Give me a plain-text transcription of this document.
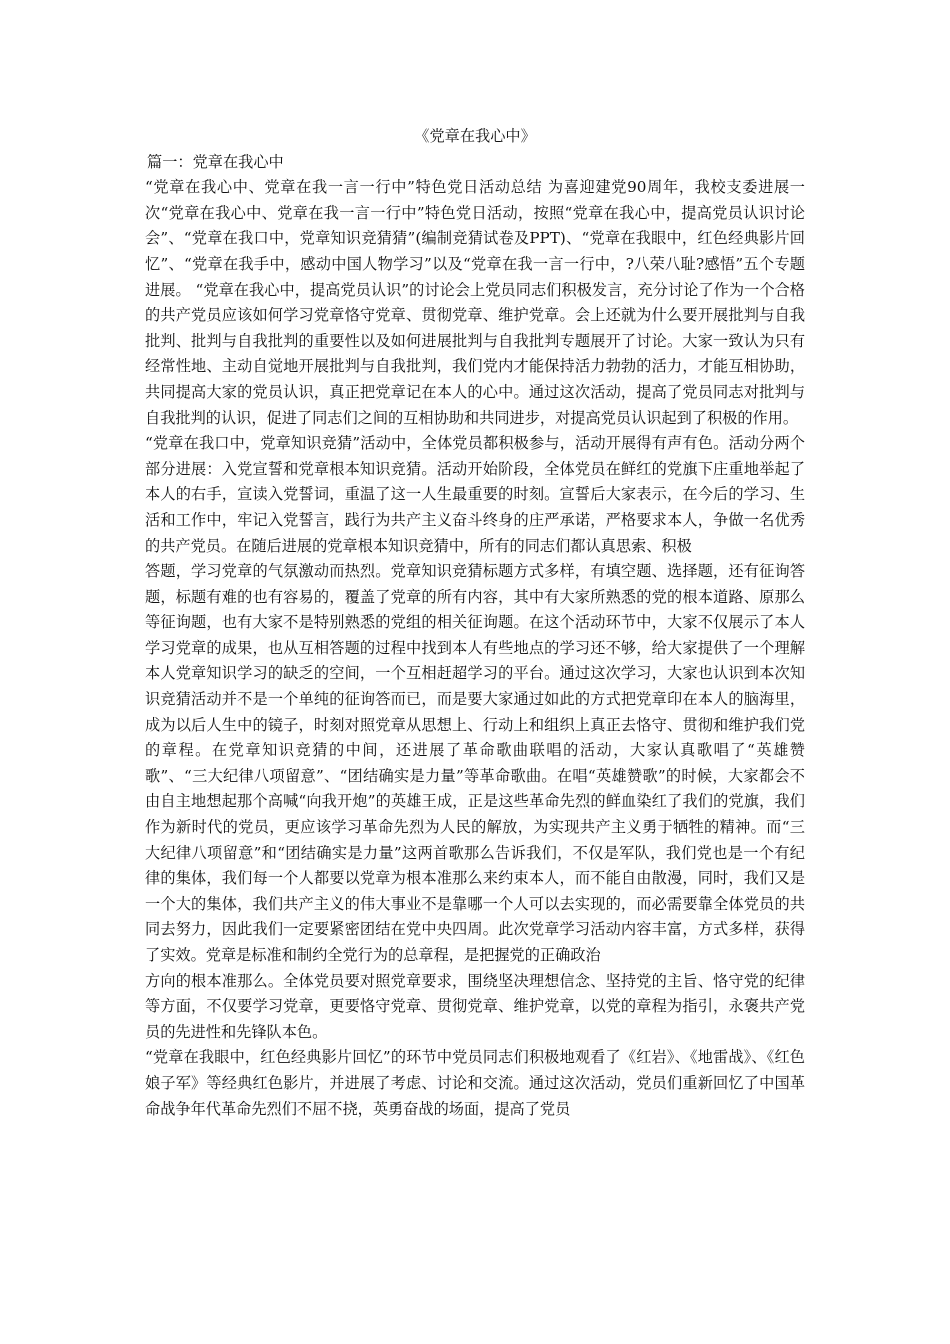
《党章在我心中》

篇一：党章在我心中

“党章在我心中、党章在我一言一行中”特色党日活动总结 为喜迎建党90周年，我校支委进展一次“党章在我心中、党章在我一言一行中”特色党日活动，按照“党章在我心中，提高党员认识讨论会”、“党章在我口中，党章知识竞猜猜”(编制竞猜试卷及PPT)、“党章在我眼中，红色经典影片回忆”、“党章在我手中，感动中国人物学习”以及“党章在我一言一行中，?八荣八耻?感悟”五个专题进展。 “党章在我心中，提高党员认识”的讨论会上党员同志们积极发言，充分讨论了作为一个合格的共产党员应该如何学习党章恪守党章、贯彻党章、维护党章。会上还就为什么要开展批判与自我批判、批判与自我批判的重要性以及如何进展批判与自我批判专题展开了讨论。大家一致认为只有经常性地、主动自觉地开展批判与自我批判，我们党内才能保持活力勃勃的活力，才能互相协助，共同提高大家的党员认识，真正把党章记在本人的心中。通过这次活动，提高了党员同志对批判与自我批判的认识，促进了同志们之间的互相协助和共同进步，对提高党员认识起到了积极的作用。

“党章在我口中，党章知识竞猜”活动中，全体党员都积极参与，活动开展得有声有色。活动分两个部分进展：入党宣誓和党章根本知识竞猜。活动开始阶段，全体党员在鲜红的党旗下庄重地举起了本人的右手，宣读入党誓词，重温了这一人生最重要的时刻。宣誓后大家表示，在今后的学习、生活和工作中，牢记入党誓言，践行为共产主义奋斗终身的庄严承诺，严格要求本人，争做一名优秀的共产党员。在随后进展的党章根本知识竞猜中，所有的同志们都认真思索、积极

答题，学习党章的气氛激动而热烈。党章知识竞猜标题方式多样，有填空题、选择题，还有征询答题，标题有难的也有容易的，覆盖了党章的所有内容，其中有大家所熟悉的党的根本道路、原那么等征询题，也有大家不是特别熟悉的党组的相关征询题。在这个活动环节中，大家不仅展示了本人学习党章的成果，也从互相答题的过程中找到本人有些地点的学习还不够，给大家提供了一个理解本人党章知识学习的缺乏的空间，一个互相赶超学习的平台。通过这次学习，大家也认识到本次知识竞猜活动并不是一个单纯的征询答而已，而是要大家通过如此的方式把党章印在本人的脑海里，成为以后人生中的镜子，时刻对照党章从思想上、行动上和组织上真正去恪守、贯彻和维护我们党的章程。在党章知识竞猜的中间，还进展了革命歌曲联唱的活动，大家认真歌唱了“英雄赞歌”、“三大纪律八项留意”、“团结确实是力量”等革命歌曲。在唱“英雄赞歌”的时候，大家都会不由自主地想起那个高喊“向我开炮”的英雄王成，正是这些革命先烈的鲜血染红了我们的党旗，我们作为新时代的党员，更应该学习革命先烈为人民的解放，为实现共产主义勇于牺牲的精神。而“三大纪律八项留意”和“团结确实是力量”这两首歌那么告诉我们，不仅是军队，我们党也是一个有纪律的集体，我们每一个人都要以党章为根本准那么来约束本人，而不能自由散漫，同时，我们又是一个大的集体，我们共产主义的伟大事业不是靠哪一个人可以去实现的，而必需要靠全体党员的共同去努力，因此我们一定要紧密团结在党中央四周。此次党章学习活动内容丰富，方式多样，获得了实效。党章是标准和制约全党行为的总章程，是把握党的正确政治

方向的根本准那么。全体党员要对照党章要求，围绕坚决理想信念、坚持党的主旨、恪守党的纪律等方面，不仅要学习党章，更要恪守党章、贯彻党章、维护党章，以党的章程为指引，永褒共产党员的先进性和先锋队本色。

“党章在我眼中，红色经典影片回忆”的环节中党员同志们积极地观看了《红岩》、《地雷战》、《红色娘子军》等经典红色影片，并进展了考虑、讨论和交流。通过这次活动，党员们重新回忆了中国革命战争年代革命先烈们不屈不挠，英勇奋战的场面，提高了党员
